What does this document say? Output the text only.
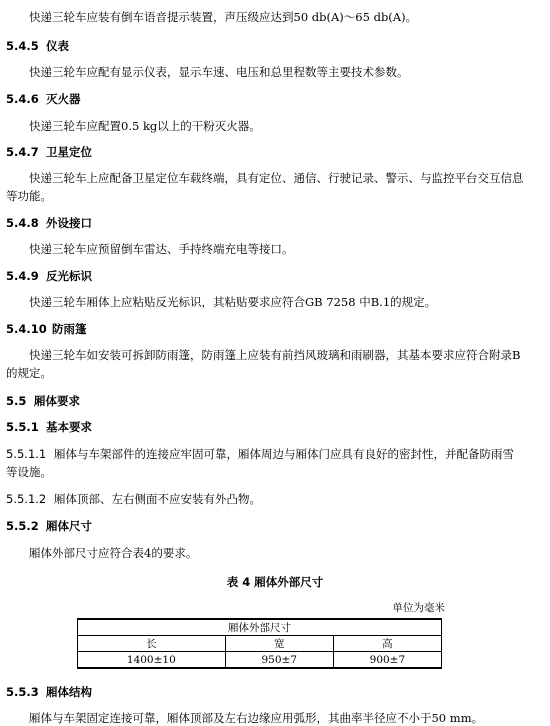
快递三轮车应装有倒车语音提示装置，声压级应达到50 db(A)～65 db(A)。
5.4.5 仪表
快递三轮车应配有显示仪表，显示车速、电压和总里程数等主要技术参数。
5.4.6 灭火器
快递三轮车应配置0.5 kg以上的干粉灭火器。
5.4.7 卫星定位
快递三轮车上应配备卫星定位车载终端，具有定位、通信、行驶记录、警示、与监控平台交互信息
等功能。
5.4.8 外设接口
快递三轮车应预留倒车雷达、手持终端充电等接口。
5.4.9 反光标识
快递三轮车厢体上应粘贴反光标识，其粘贴要求应符合GB 7258 中B.1的规定。
5.4.10 防雨篷
快递三轮车如安装可拆卸防雨篷，防雨篷上应装有前挡风玻璃和雨刷器，其基本要求应符合附录B
的规定。
5.5 厢体要求
5.5.1 基本要求
5.5.1.1 厢体与车架部件的连接应牢固可靠，厢体周边与厢体门应具有良好的密封性，并配备防雨雪
等设施。
5.5.1.2 厢体顶部、左右侧面不应安装有外凸物。
5.5.2 厢体尺寸
厢体外部尺寸应符合表4的要求。
表 4 厢体外部尺寸
单位为毫米
厢体外部尺寸		
长	宽	高
1400±10	950±7	900±7
5.5.3 厢体结构
厢体与车架固定连接可靠，厢体顶部及左右边缘应用弧形，其曲率半径应不小于50 mm。
